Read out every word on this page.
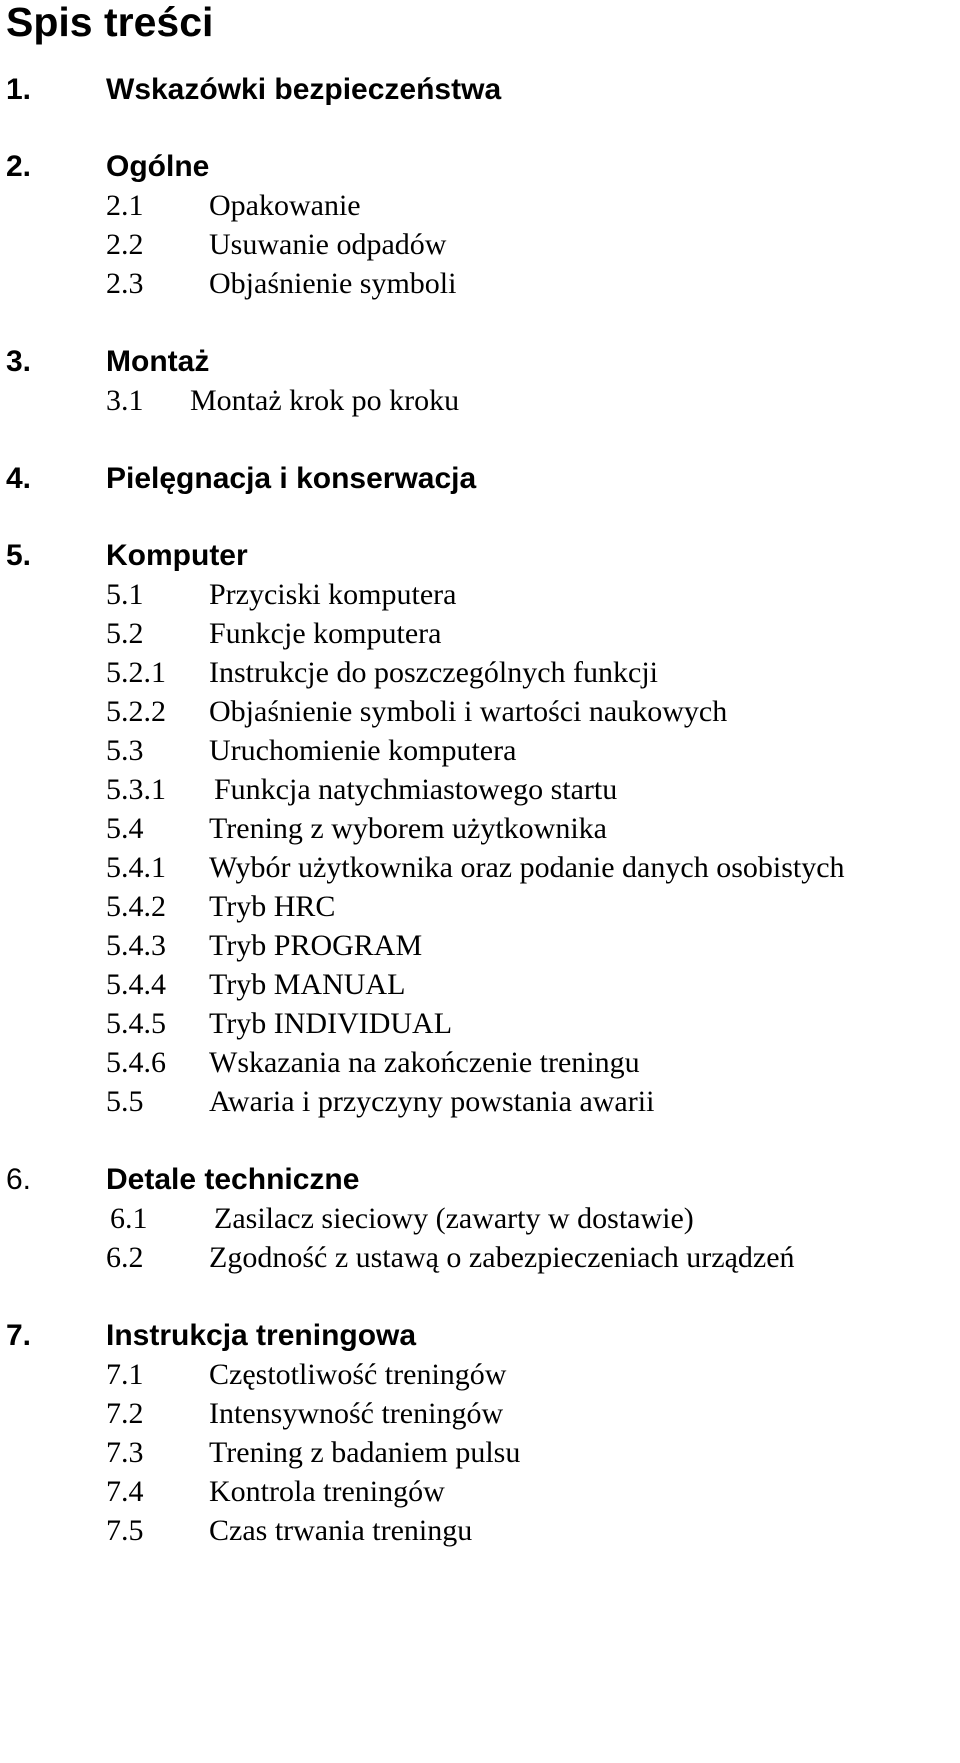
Spis treści
1. Wskazówki bezpieczeństwa
2. Ogólne
2.1 Opakowanie
2.2 Usuwanie odpadów
2.3 Objaśnienie symboli
3. Montaż
3.1 Montaż krok po kroku
4. Pielęgnacja i konserwacja
5. Komputer
5.1 Przyciski komputera
5.2 Funkcje komputera
5.2.1 Instrukcje do poszczególnych funkcji
5.2.2 Objaśnienie symboli i wartości naukowych
5.3 Uruchomienie komputera
5.3.1 Funkcja natychmiastowego startu
5.4 Trening z wyborem użytkownika
5.4.1 Wybór użytkownika oraz podanie danych osobistych
5.4.2 Tryb HRC
5.4.3 Tryb PROGRAM
5.4.4 Tryb MANUAL
5.4.5 Tryb INDIVIDUAL
5.4.6 Wskazania na zakończenie treningu
5.5 Awaria i przyczyny powstania awarii
6. Detale techniczne
6.1 Zasilacz sieciowy (zawarty w dostawie)
6.2 Zgodność z ustawą o zabezpieczeniach urządzeń
7. Instrukcja treningowa
7.1 Częstotliwość treningów
7.2 Intensywność treningów
7.3 Trening z badaniem pulsu
7.4 Kontrola treningów
7.5 Czas trwania treningu
